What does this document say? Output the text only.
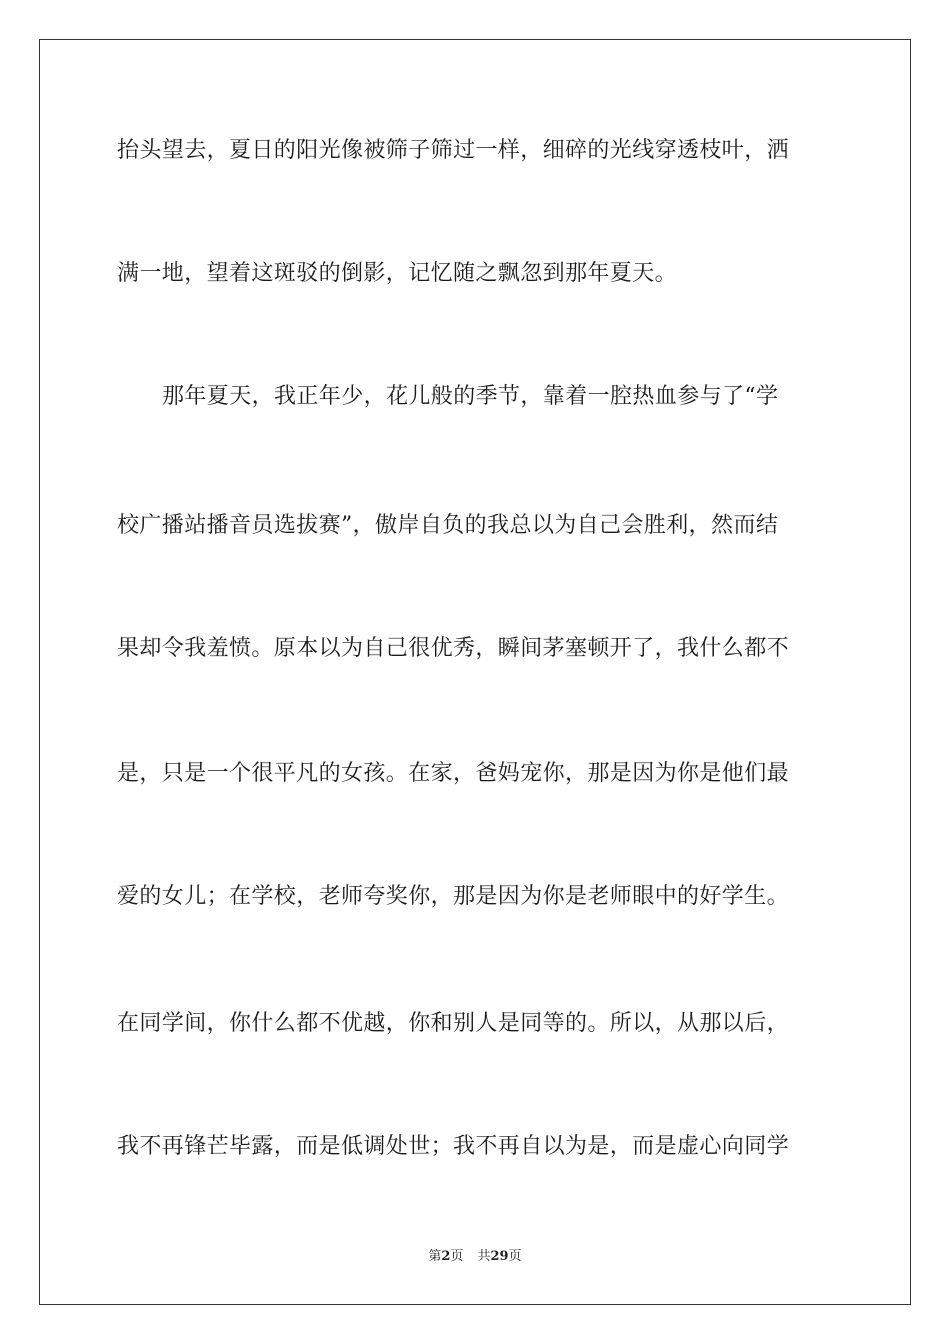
抬头望去，夏日的阳光像被筛子筛过一样，细碎的光线穿透枝叶，洒
满一地，望着这斑驳的倒影，记忆随之飘忽到那年夏天。
那年夏天，我正年少，花儿般的季节，靠着一腔热血参与了“学
校广播站播音员选拔赛”，傲岸自负的我总以为自己会胜利，然而结
果却令我羞愤。原本以为自己很优秀，瞬间茅塞顿开了，我什么都不
是，只是一个很平凡的女孩。在家，爸妈宠你，那是因为你是他们最
爱的女儿；在学校，老师夸奖你，那是因为你是老师眼中的好学生。
在同学间，你什么都不优越，你和别人是同等的。所以，从那以后，
我不再锋芒毕露，而是低调处世；我不再自以为是，而是虚心向同学
第2页 共29页
